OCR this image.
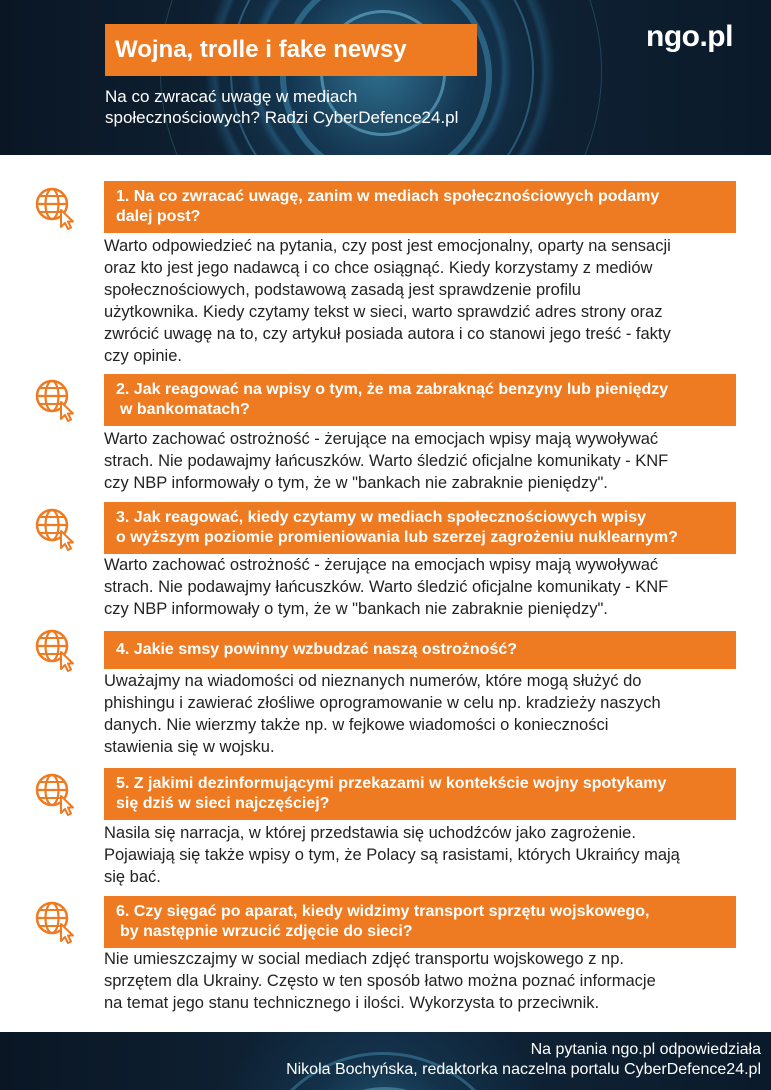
Wojna, trolle i fake newsy
Na co zwracać uwagę w mediach
społecznościowych? Radzi CyberDefence24.pl
ngo.pl
1. Na co zwracać uwagę, zanim w mediach społecznościowych podamy
dalej post?
Warto odpowiedzieć na pytania, czy post jest emocjonalny, oparty na sensacji
oraz kto jest jego nadawcą i co chce osiągnąć. Kiedy korzystamy z mediów
społecznościowych, podstawową zasadą jest sprawdzenie profilu
użytkownika. Kiedy czytamy tekst w sieci, warto sprawdzić adres strony oraz
zwrócić uwagę na to, czy artykuł posiada autora i co stanowi jego treść - fakty
czy opinie.
2. Jak reagować na wpisy o tym, że ma zabraknąć benzyny lub pieniędzy
w bankomatach?
Warto zachować ostrożność - żerujące na emocjach wpisy mają wywoływać
strach. Nie podawajmy łańcuszków. Warto śledzić oficjalne komunikaty - KNF
czy NBP informowały o tym, że w "bankach nie zabraknie pieniędzy".
3. Jak reagować, kiedy czytamy w mediach społecznościowych wpisy
o wyższym poziomie promieniowania lub szerzej zagrożeniu nuklearnym?
Warto zachować ostrożność - żerujące na emocjach wpisy mają wywoływać
strach. Nie podawajmy łańcuszków. Warto śledzić oficjalne komunikaty - KNF
czy NBP informowały o tym, że w "bankach nie zabraknie pieniędzy".
4. Jakie smsy powinny wzbudzać naszą ostrożność?
Uważajmy na wiadomości od nieznanych numerów, które mogą służyć do
phishingu i zawierać złośliwe oprogramowanie w celu np. kradzieży naszych
danych. Nie wierzmy także np. w fejkowe wiadomości o konieczności
stawienia się w wojsku.
5. Z jakimi dezinformującymi przekazami w kontekście wojny spotykamy
się dziś w sieci najczęściej?
Nasila się narracja, w której przedstawia się uchodźców jako zagrożenie.
Pojawiają się także wpisy o tym, że Polacy są rasistami, których Ukraińcy mają
się bać.
6. Czy sięgać po aparat, kiedy widzimy transport sprzętu wojskowego,
by następnie wrzucić zdjęcie do sieci?
Nie umieszczajmy w social mediach zdjęć transportu wojskowego z np.
sprzętem dla Ukrainy. Często w ten sposób łatwo można poznać informacje
na temat jego stanu technicznego i ilości. Wykorzysta to przeciwnik.
Na pytania ngo.pl odpowiedziała
Nikola Bochyńska, redaktorka naczelna portalu CyberDefence24.pl
